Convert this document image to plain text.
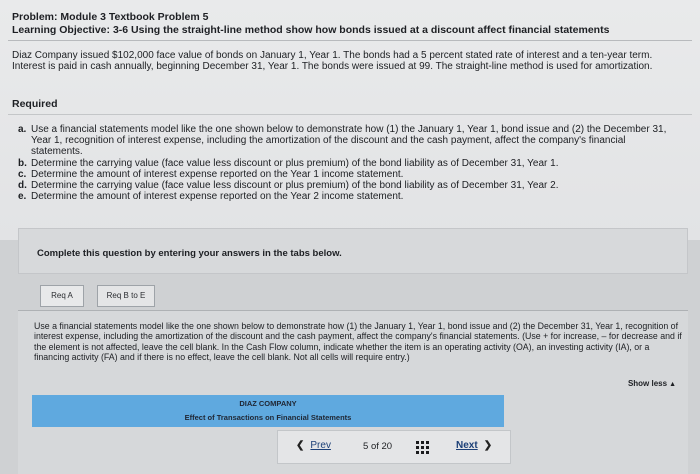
Problem: Module 3 Textbook Problem 5
Learning Objective: 3-6 Using the straight-line method show how bonds issued at a discount affect financial statements
Diaz Company issued $102,000 face value of bonds on January 1, Year 1. The bonds had a 5 percent stated rate of interest and a ten-year term. Interest is paid in cash annually, beginning December 31, Year 1. The bonds were issued at 99. The straight-line method is used for amortization.
Required
a. Use a financial statements model like the one shown below to demonstrate how (1) the January 1, Year 1, bond issue and (2) the December 31, Year 1, recognition of interest expense, including the amortization of the discount and the cash payment, affect the company's financial statements.
b. Determine the carrying value (face value less discount or plus premium) of the bond liability as of December 31, Year 1.
c. Determine the amount of interest expense reported on the Year 1 income statement.
d. Determine the carrying value (face value less discount or plus premium) of the bond liability as of December 31, Year 2.
e. Determine the amount of interest expense reported on the Year 2 income statement.
Complete this question by entering your answers in the tabs below.
Req A	Req B to E
Use a financial statements model like the one shown below to demonstrate how (1) the January 1, Year 1, bond issue and (2) the December 31, Year 1, recognition of interest expense, including the amortization of the discount and the cash payment, affect the company's financial statements. (Use + for increase, – for decrease and if the element is not affected, leave the cell blank. In the Cash Flow column, indicate whether the item is an operating activity (OA), an investing activity (IA), or a financing activity (FA) and if there is no effect, leave the cell blank. Not all cells will require entry.)
Show less ▲
DIAZ COMPANY
Effect of Transactions on Financial Statements
❮ Prev	5 of 20	Next ❯
